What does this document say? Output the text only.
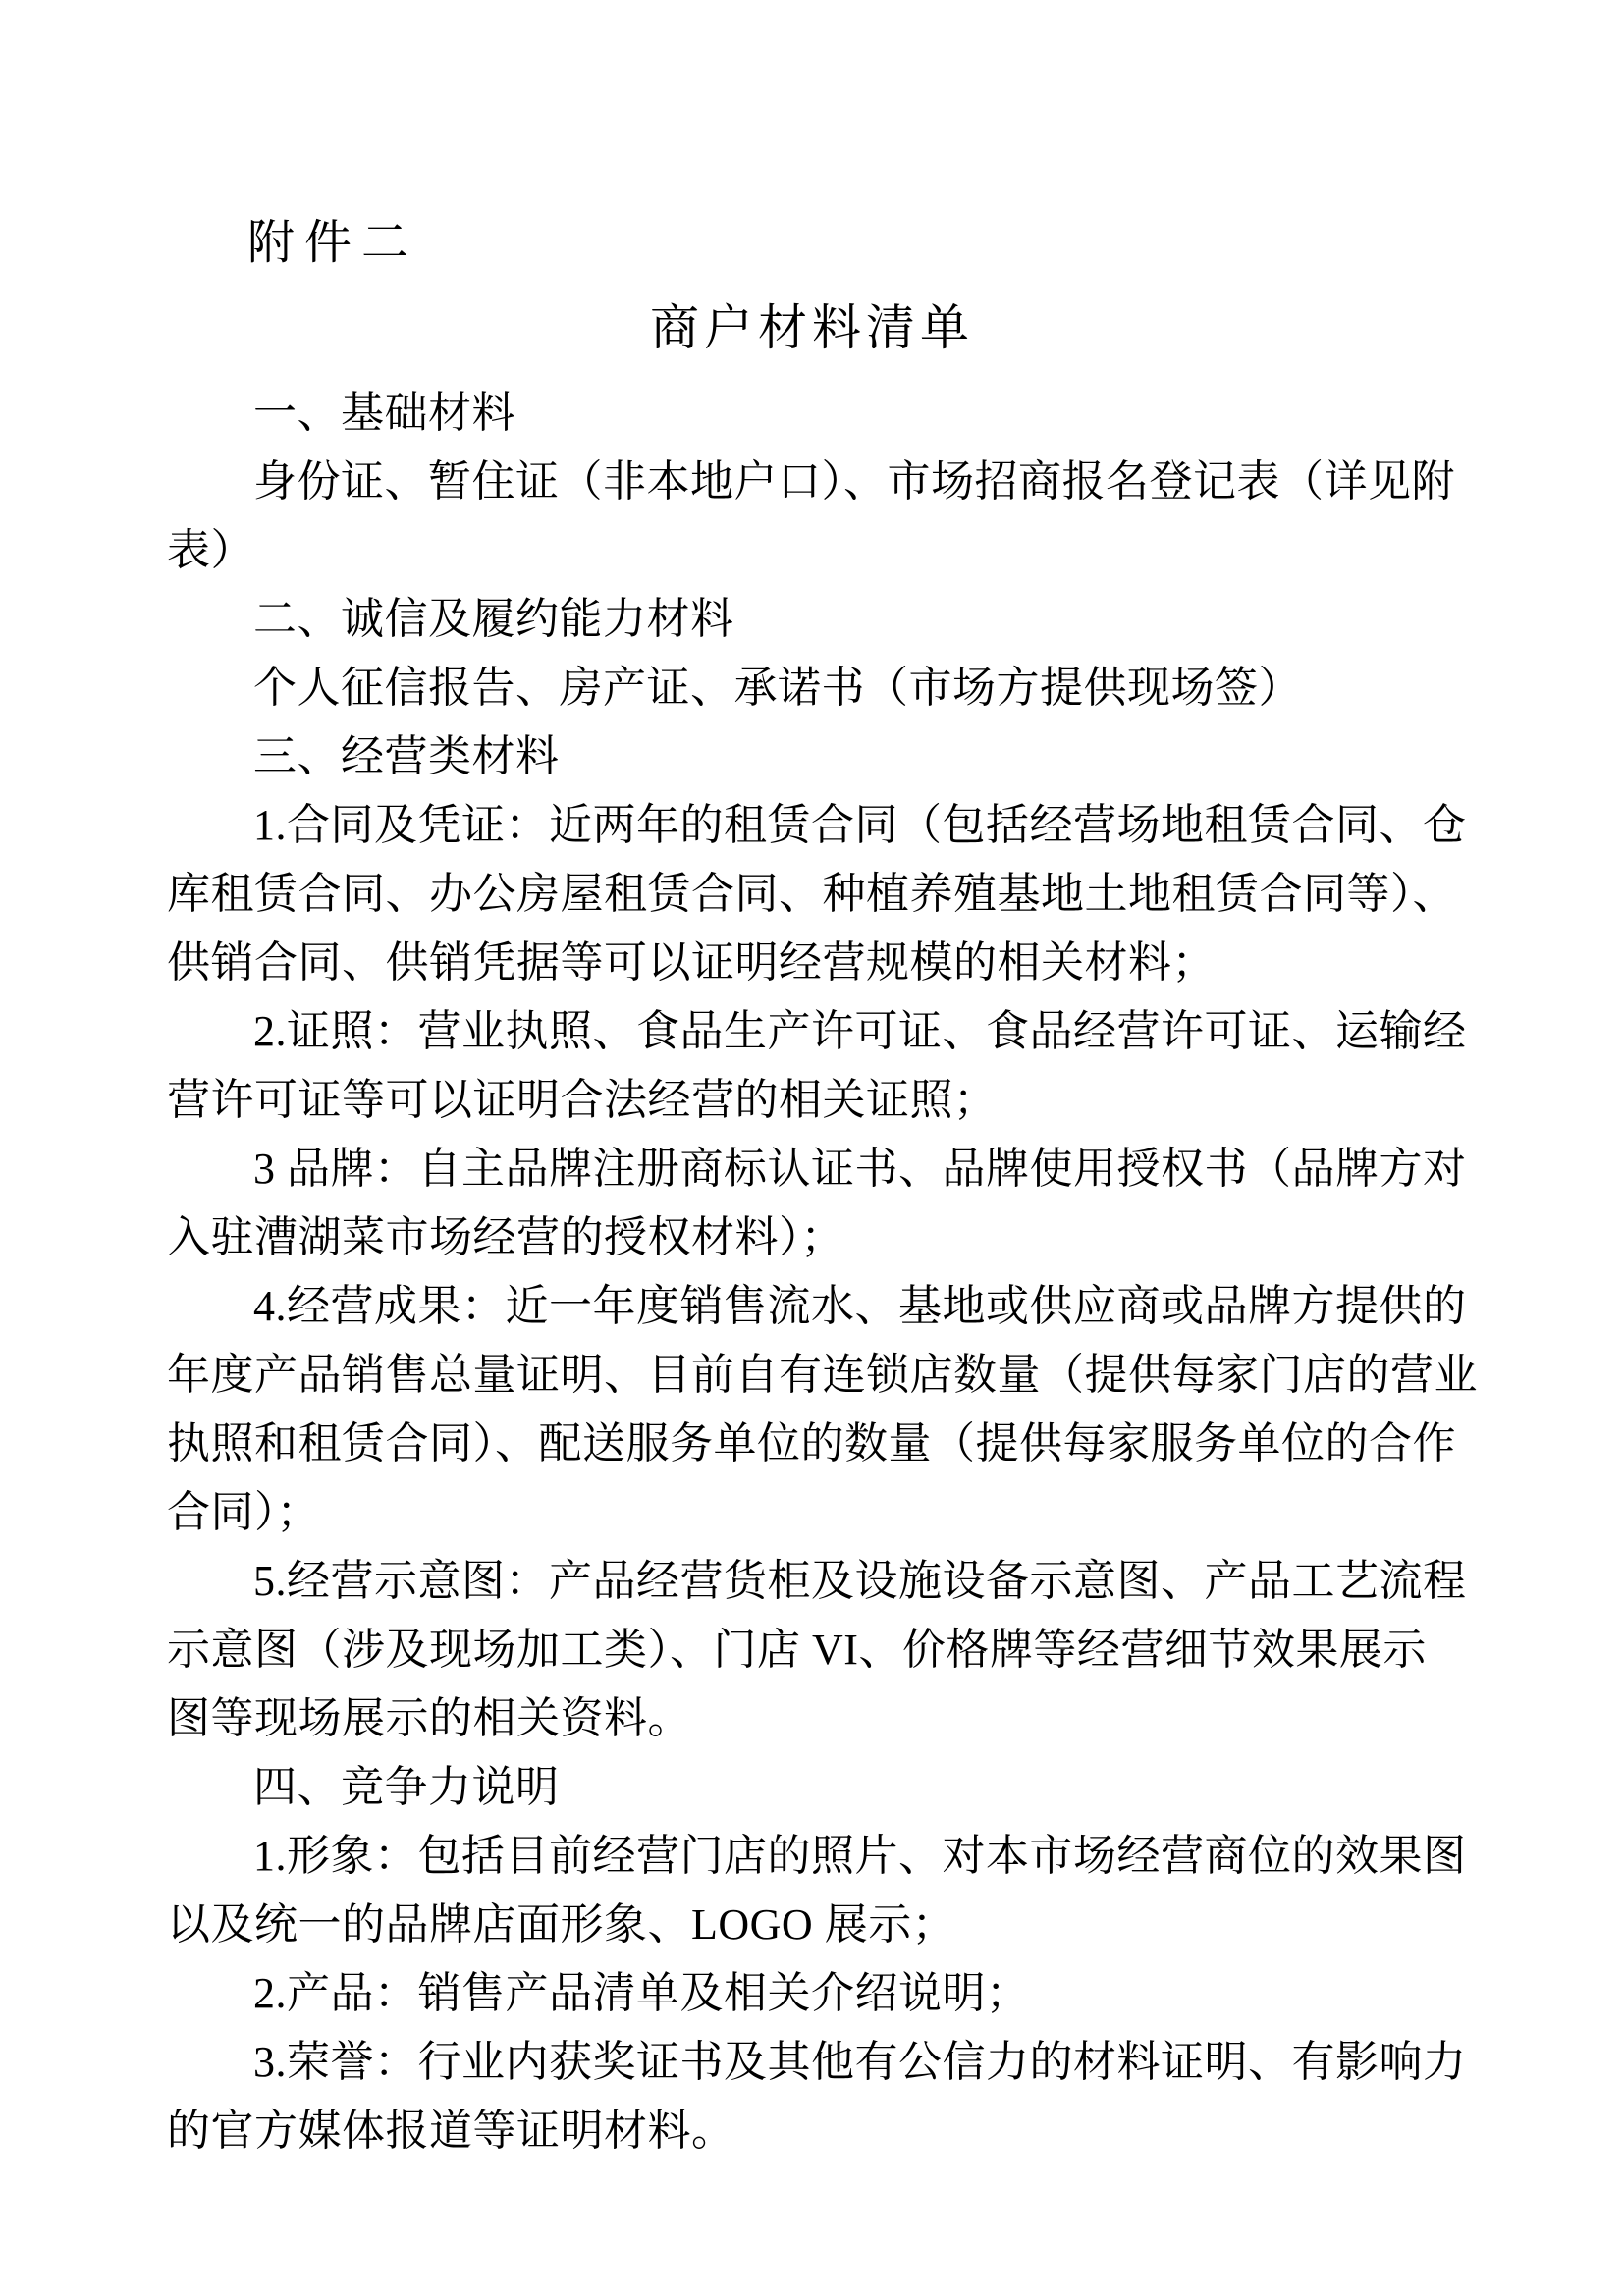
附件二
商户材料清单
一、基础材料
身份证、暂住证（非本地户口）、市场招商报名登记表（详见附
表）
二、诚信及履约能力材料
个人征信报告、房产证、承诺书（市场方提供现场签）
三、经营类材料
1.合同及凭证：近两年的租赁合同（包括经营场地租赁合同、仓
库租赁合同、办公房屋租赁合同、种植养殖基地土地租赁合同等）、
供销合同、供销凭据等可以证明经营规模的相关材料；
2.证照：营业执照、食品生产许可证、食品经营许可证、运输经
营许可证等可以证明合法经营的相关证照；
3 品牌：自主品牌注册商标认证书、品牌使用授权书（品牌方对
入驻漕湖菜市场经营的授权材料）；
4.经营成果：近一年度销售流水、基地或供应商或品牌方提供的
年度产品销售总量证明、目前自有连锁店数量（提供每家门店的营业
执照和租赁合同）、配送服务单位的数量（提供每家服务单位的合作
合同）；
5.经营示意图：产品经营货柜及设施设备示意图、产品工艺流程
示意图（涉及现场加工类）、门店 VI、价格牌等经营细节效果展示
图等现场展示的相关资料。
四、竞争力说明
1.形象：包括目前经营门店的照片、对本市场经营商位的效果图
以及统一的品牌店面形象、LOGO 展示；
2.产品：销售产品清单及相关介绍说明；
3.荣誉：行业内获奖证书及其他有公信力的材料证明、有影响力
的官方媒体报道等证明材料。
